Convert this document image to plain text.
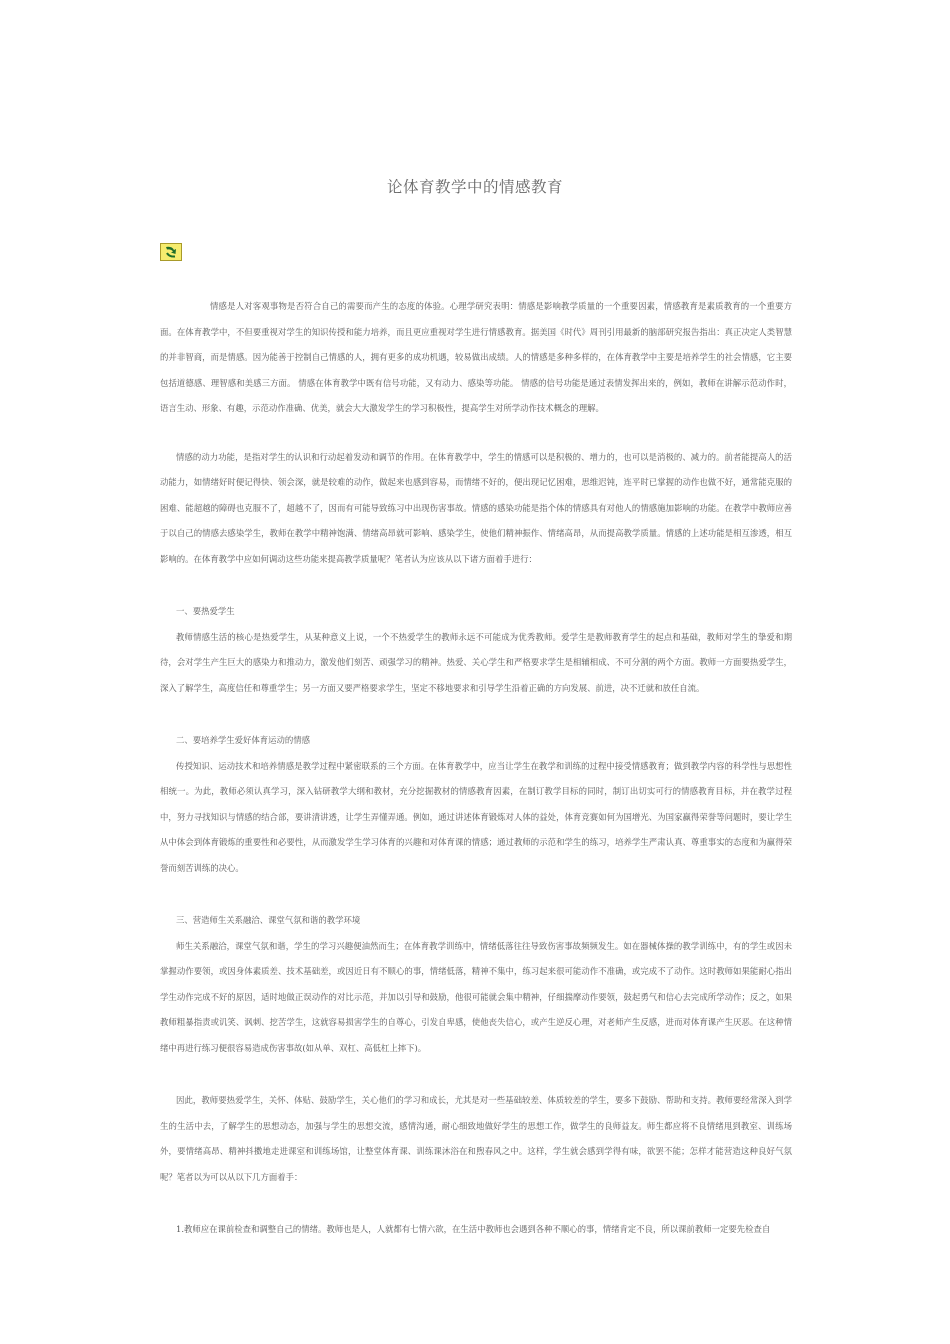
论体育教学中的情感教育

情感是人对客观事物是否符合自己的需要而产生的态度的体验。心理学研究表明：情感是影响教学质量的一个重要因素，情感教育是素质教育的一个重要方面。在体育教学中，不但要重视对学生的知识传授和能力培养，而且更应重视对学生进行情感教育。据美国《时代》周刊引用最新的脑部研究报告指出：真正决定人类智慧的并非智商，而是情感。因为能善于控制自己情感的人，拥有更多的成功机遇，较易做出成绩。人的情感是多种多样的，在体育教学中主要是培养学生的社会情感，它主要包括道德感、理智感和美感三方面。 情感在体育教学中既有信号功能，又有动力、感染等功能。 情感的信号功能是通过表情发挥出来的，例如，教师在讲解示范动作时，语言生动、形象、有趣，示范动作准确、优美，就会大大激发学生的学习积极性，提高学生对所学动作技术概念的理解。

情感的动力功能，是指对学生的认识和行动起着发动和调节的作用。在体育教学中，学生的情感可以是积极的、增力的，也可以是消极的、减力的。前者能提高人的活动能力，如情绪好时便记得快、领会深，就是较难的动作，做起来也感到容易，而情绪不好的，便出现记忆困难，思维迟钝，连平时已掌握的动作也做不好，通常能克服的困难、能超越的障碍也克服不了，超越不了，因而有可能导致练习中出现伤害事故。情感的感染功能是指个体的情感具有对他人的情感施加影响的功能。在教学中教师应善于以自己的情感去感染学生，教师在教学中精神饱满、情绪高昂就可影响、感染学生，使他们精神振作、情绪高昂，从而提高教学质量。情感的上述功能是相互渗透，相互影响的。在体育教学中应如何调动这些功能来提高教学质量呢？笔者认为应该从以下诸方面着手进行：

一、要热爱学生

教师情感生活的核心是热爱学生，从某种意义上说，一个不热爱学生的教师永远不可能成为优秀教师。爱学生是教师教育学生的起点和基础，教师对学生的挚爱和期待，会对学生产生巨大的感染力和推动力，激发他们刻苦、顽强学习的精神。热爱、关心学生和严格要求学生是相辅相成、不可分割的两个方面。教师一方面要热爱学生，深入了解学生，高度信任和尊重学生；另一方面又要严格要求学生，坚定不移地要求和引导学生沿着正确的方向发展、前进，决不迁就和放任自流。

二、要培养学生爱好体育运动的情感

传授知识、运动技术和培养情感是教学过程中紧密联系的三个方面。在体育教学中，应当让学生在教学和训练的过程中接受情感教育；做到教学内容的科学性与思想性相统一。为此，教师必须认真学习，深入钻研教学大纲和教材，充分挖掘教材的情感教育因素，在制订教学目标的同时，制订出切实可行的情感教育目标，并在教学过程中，努力寻找知识与情感的结合部，要讲清讲透，让学生弄懂弄通。例如，通过讲述体育锻炼对人体的益处，体育竞赛如何为国增光、为国家赢得荣誉等问题时，要让学生从中体会到体育锻炼的重要性和必要性，从而激发学生学习体育的兴趣和对体育课的情感；通过教师的示范和学生的练习，培养学生严肃认真、尊重事实的态度和为赢得荣誉而刻苦训练的决心。

三、营造师生关系融洽、课堂气氛和谐的教学环境

师生关系融洽，课堂气氛和谐，学生的学习兴趣便油然而生；在体育教学训练中，情绪低落往往导致伤害事故频频发生。如在器械体操的教学训练中，有的学生或因未掌握动作要领，或因身体素质差、技术基础差，或因近日有不顺心的事，情绪低落，精神不集中，练习起来很可能动作不准确，或完成不了动作。这时教师如果能耐心指出学生动作完成不好的原因，适时地做正误动作的对比示范，并加以引导和鼓励，他很可能就会集中精神，仔细揣摩动作要领，鼓起勇气和信心去完成所学动作；反之，如果教师粗暴指责或讥笑、讽刺、挖苦学生，这就容易损害学生的自尊心，引发自卑感，使他丧失信心，或产生逆反心理，对老师产生反感，进而对体育课产生厌恶。在这种情绪中再进行练习便很容易造成伤害事故(如从单、双杠、高低杠上摔下)。

因此，教师要热爱学生，关怀、体贴、鼓励学生，关心他们的学习和成长，尤其是对一些基础较差、体质较差的学生，要多下鼓励、帮助和支持。教师要经常深入到学生的生活中去，了解学生的思想动态，加强与学生的思想交流，感情沟通，耐心细致地做好学生的思想工作，做学生的良师益友。师生都应将不良情绪甩到教室、训练场外，要情绪高昂、精神抖擞地走进课室和训练场馆，让整堂体育课、训练课沐浴在和煦春风之中。这样，学生就会感到学得有味，欲罢不能；怎样才能营造这种良好气氛呢？笔者以为可以从以下几方面着手：

1.教师应在课前检查和调整自己的情绪。教师也是人，人就都有七情六欲，在生活中教师也会遇到各种不顺心的事，情绪肯定不良，所以课前教师一定要先检查自
